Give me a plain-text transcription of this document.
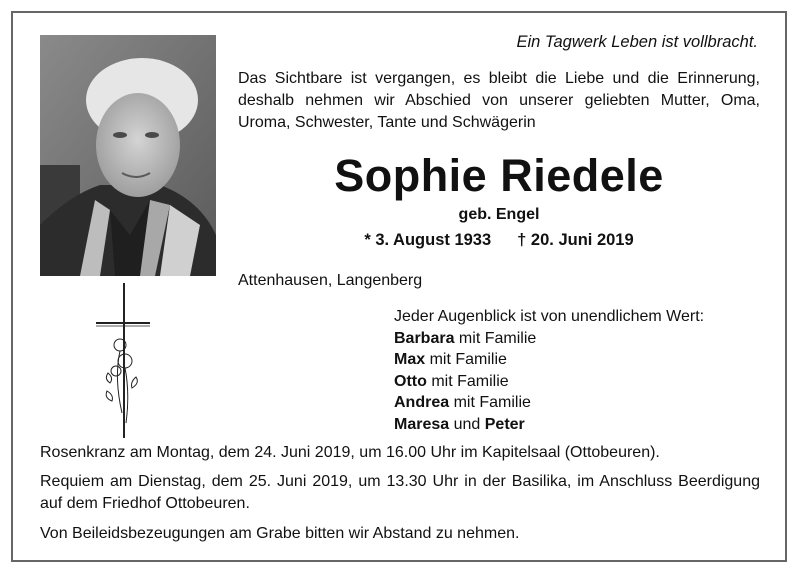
Ein Tagwerk Leben ist vollbracht.
Das Sichtbare ist vergangen, es bleibt die Liebe und die Erinnerung, deshalb nehmen wir Abschied von unserer geliebten Mutter, Oma, Uroma, Schwester, Tante und Schwägerin
Sophie Riedele
geb. Engel
* 3. August 1933 † 20. Juni 2019
Attenhausen, Langenberg
Jeder Augenblick ist von unendlichem Wert:
Barbara mit Familie
Max mit Familie
Otto mit Familie
Andrea mit Familie
Maresa und Peter

Rosenkranz am Montag, dem 24. Juni 2019, um 16.00 Uhr im Kapitelsaal (Ottobeuren).

Requiem am Dienstag, dem 25. Juni 2019, um 13.30 Uhr in der Basilika, im Anschluss Beerdigung auf dem Friedhof Ottobeuren.

Von Beileidsbezeugungen am Grabe bitten wir Abstand zu nehmen.
